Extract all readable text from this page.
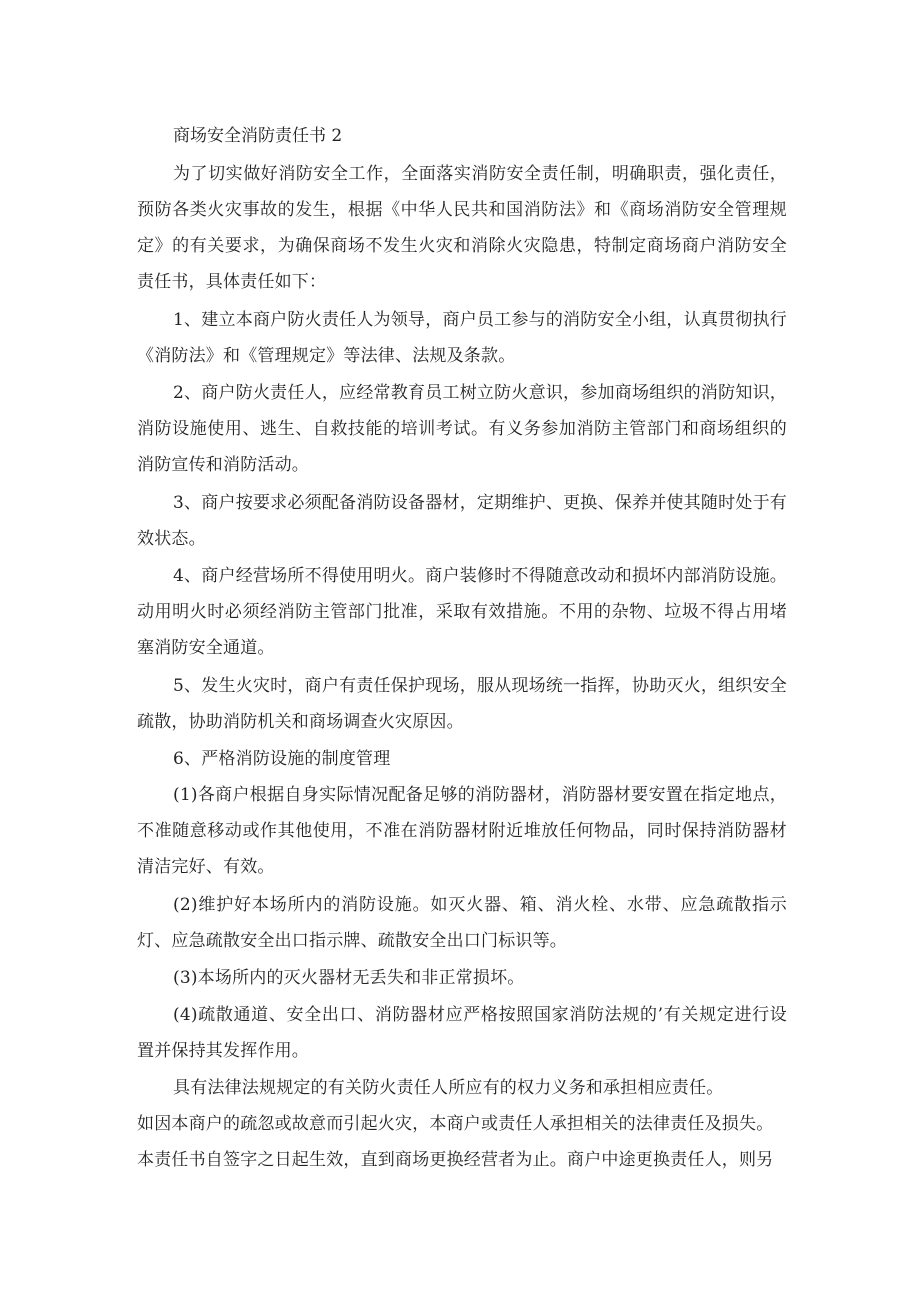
商场安全消防责任书 2

为了切实做好消防安全工作，全面落实消防安全责任制，明确职责，强化责任，预防各类火灾事故的发生，根据《中华人民共和国消防法》和《商场消防安全管理规定》的有关要求，为确保商场不发生火灾和消除火灾隐患，特制定商场商户消防安全责任书，具体责任如下：

1、建立本商户防火责任人为领导，商户员工参与的消防安全小组，认真贯彻执行《消防法》和《管理规定》等法律、法规及条款。

2、商户防火责任人，应经常教育员工树立防火意识，参加商场组织的消防知识，消防设施使用、逃生、自救技能的培训考试。有义务参加消防主管部门和商场组织的消防宣传和消防活动。

3、商户按要求必须配备消防设备器材，定期维护、更换、保养并使其随时处于有效状态。

4、商户经营场所不得使用明火。商户装修时不得随意改动和损坏内部消防设施。动用明火时必须经消防主管部门批准，采取有效措施。不用的杂物、垃圾不得占用堵塞消防安全通道。

5、发生火灾时，商户有责任保护现场，服从现场统一指挥，协助灭火，组织安全疏散，协助消防机关和商场调查火灾原因。

6、严格消防设施的制度管理

(1)各商户根据自身实际情况配备足够的消防器材，消防器材要安置在指定地点，不准随意移动或作其他使用，不准在消防器材附近堆放任何物品，同时保持消防器材清洁完好、有效。

(2)维护好本场所内的消防设施。如灭火器、箱、消火栓、水带、应急疏散指示灯、应急疏散安全出口指示牌、疏散安全出口门标识等。

(3)本场所内的灭火器材无丢失和非正常损坏。

(4)疏散通道、安全出口、消防器材应严格按照国家消防法规的’有关规定进行设置并保持其发挥作用。

具有法律法规规定的有关防火责任人所应有的权力义务和承担相应责任。

如因本商户的疏忽或故意而引起火灾，本商户或责任人承担相关的法律责任及损失。

本责任书自签字之日起生效，直到商场更换经营者为止。商户中途更换责任人，则另
